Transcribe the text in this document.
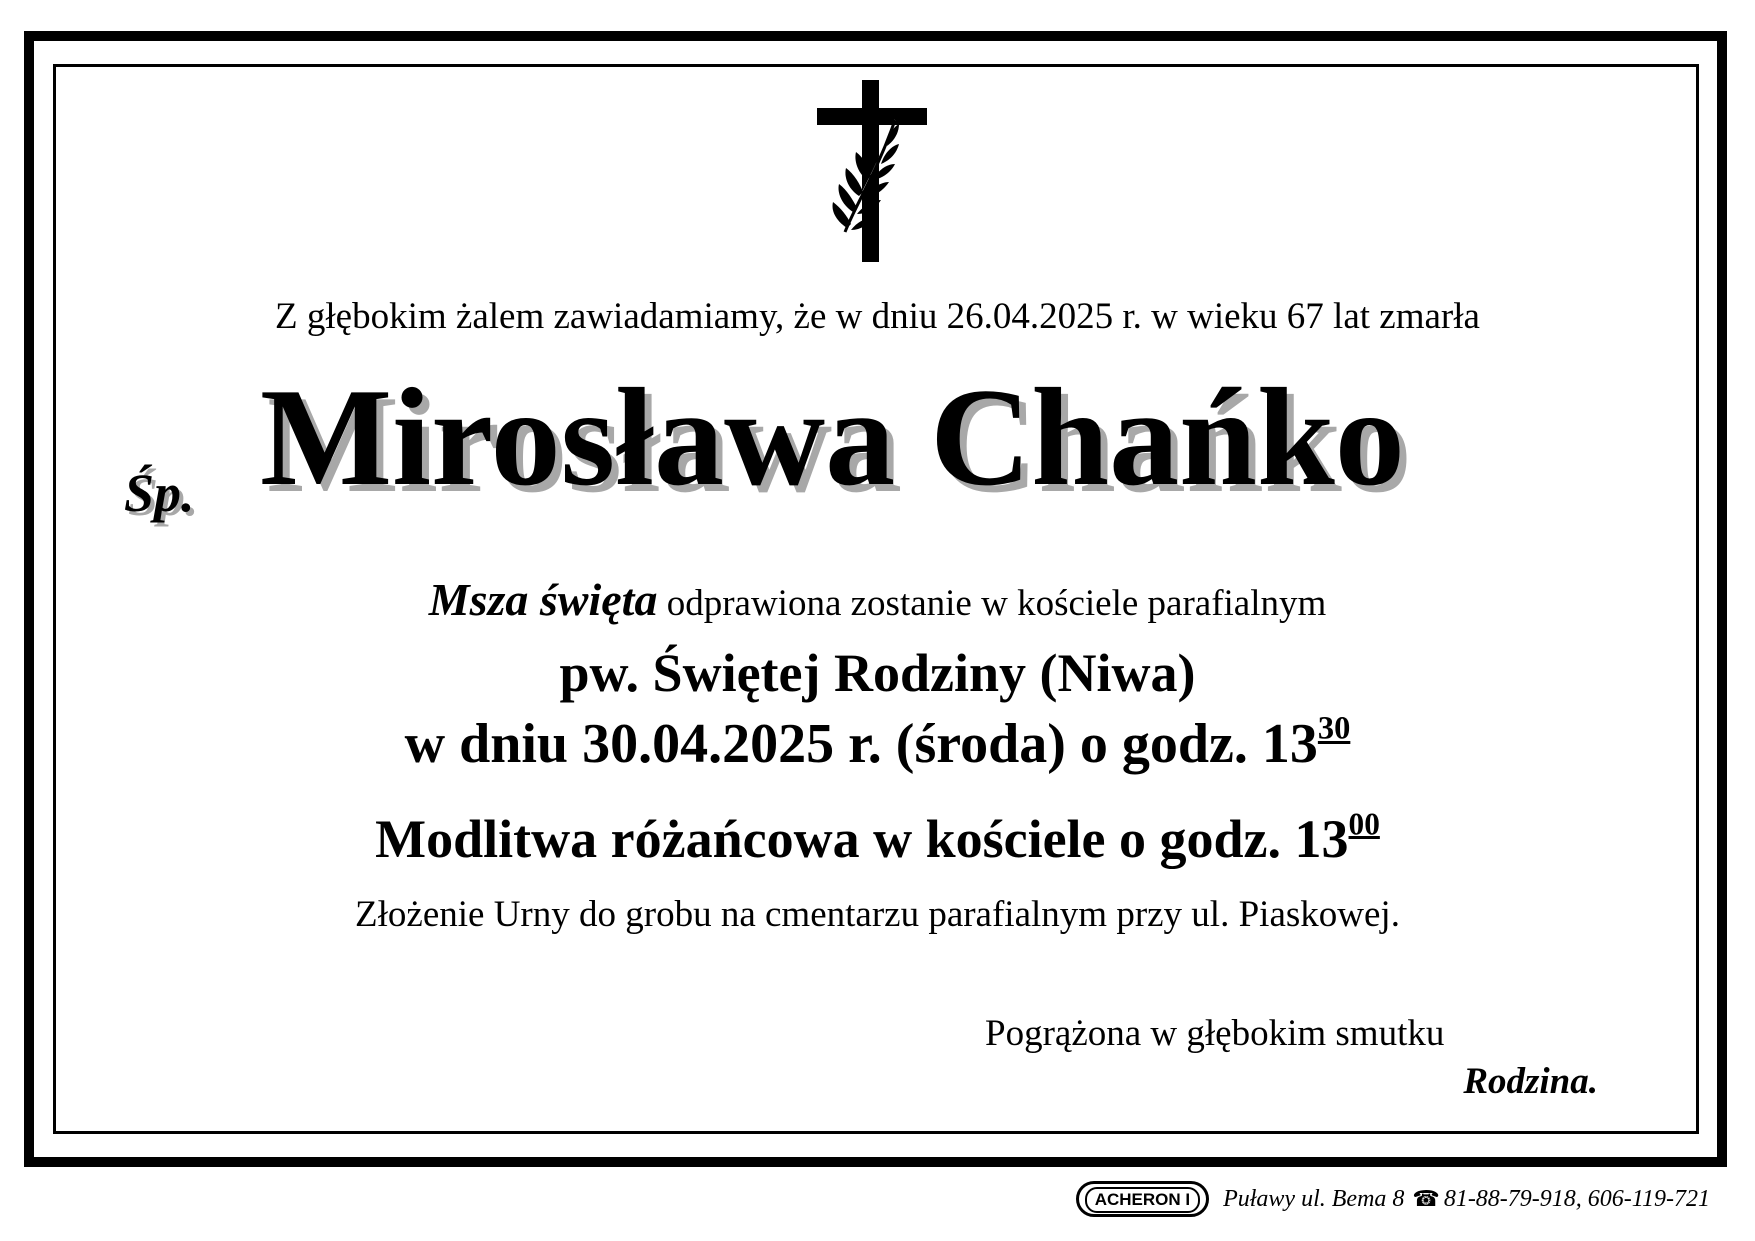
Z głębokim żalem zawiadamiamy, że w dniu 26.04.2025 r. w wieku 67 lat zmarła
Śp. Mirosława Chańko
Msza święta odprawiona zostanie w kościele parafialnym
pw. Świętej Rodziny (Niwa)
w dniu 30.04.2025 r. (środa) o godz. $13^{30}$
Modlitwa różańcowa w kościele o godz. $13^{00}$
Złożenie Urny do grobu na cmentarzu parafialnym przy ul. Piaskowej.
Pogrążona w głębokim smutku
Rodzina.
ACHERON I	Puławy ul. Bema 8 ☎ 81-88-79-918, 606-119-721
